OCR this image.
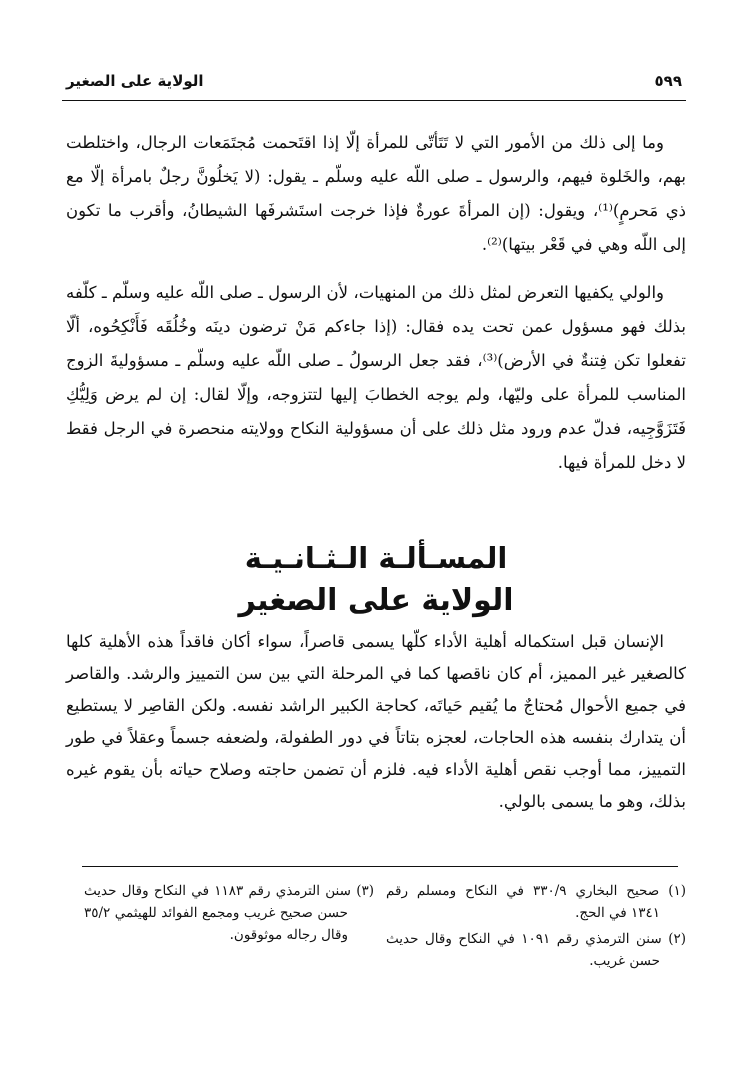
٥٩٩
الولاية على الصغير

وما إلى ذلك من الأمور التي لا تَتَأتّى للمرأة إلّا إذا اقتَحمت مُجتَمَعات الرجال، واختلطت بهم، والخَلوة فيهم، والرسول ـ صلى اللّه عليه وسلّم ـ يقول: (لا يَخلُونَّ رجلٌ بامرأة إلّا مع ذي مَحرمٍ)⁽¹⁾، ويقول: (إن المرأةَ عورةٌ فإذا خرجت استَشرفَها الشيطانُ، وأقرب ما تكون إلى اللّه وهي في قَعْر بيتها)⁽²⁾.

والولي يكفيها التعرض لمثل ذلك من المنهيات، لأن الرسول ـ صلى اللّه عليه وسلّم ـ كلّفه بذلك فهو مسؤول عمن تحت يده فقال: (إذا جاءكم مَنْ ترضون دينَه وخُلُقَه فَأَنْكِحُوه، ألّا تفعلوا تكن فِتنةٌ في الأرض)⁽³⁾، فقد جعل الرسولُ ـ صلى اللّه عليه وسلّم ـ مسؤوليةَ الزوج المناسب للمرأة على وليّها، ولم يوجه الخطابَ إليها لتتزوجه، وإلّا لقال: إن لم يرض وَلِيُّكِ فَتَزَوَّجِيه، فدلّ عدم ورود مثل ذلك على أن مسؤولية النكاح وولايته منحصرة في الرجل فقط لا دخل للمرأة فيها.

المسـألـة الـثـانـيـة
الولاية على الصغير

الإنسان قبل استكماله أهلية الأداء كلّها يسمى قاصراً، سواء أكان فاقداً هذه الأهلية كلها كالصغير غير المميز، أم كان ناقصها كما في المرحلة التي بين سن التمييز والرشد. والقاصر في جميع الأحوال مُحتاجٌ ما يُقيم حَياتَه، كحاجة الكبير الراشد نفسه. ولكن القاصِر لا يستطيع أن يتدارك بنفسه هذه الحاجات، لعجزه بتاتاً في دور الطفولة، ولضعفه جسماً وعقلاً في طور التمييز، مما أوجب نقص أهلية الأداء فيه. فلزم أن تضمن حاجته وصلاح حياته بأن يقوم غيره بذلك، وهو ما يسمى بالولي.

(١) صحيح البخاري ٣٣٠/٩ في النكاح ومسلم رقم ١٣٤١ في الحج.

(٢) سنن الترمذي رقم ١٠٩١ في النكاح وقال حديث حسن غريب.

(٣) سنن الترمذي رقم ١١٨٣ في النكاح وقال حديث حسن صحيح غريب ومجمع الفوائد للهيثمي ٣٥/٢ وقال رجاله موثوقون.
